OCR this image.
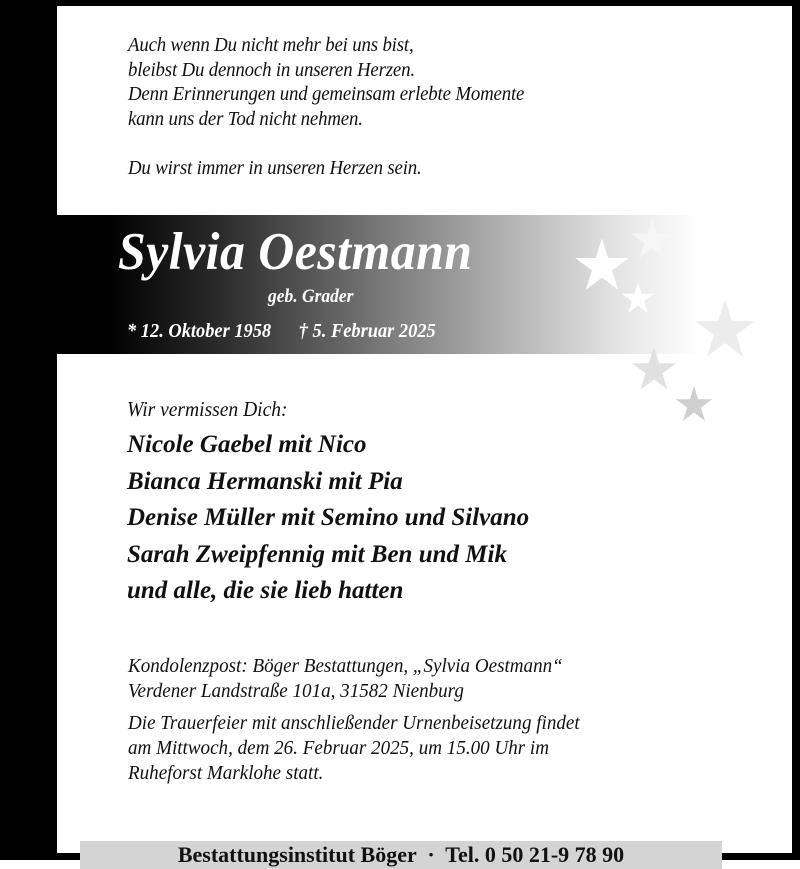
Auch wenn Du nicht mehr bei uns bist,
bleibst Du dennoch in unseren Herzen.
Denn Erinnerungen und gemeinsam erlebte Momente
kann uns der Tod nicht nehmen.
Du wirst immer in unseren Herzen sein.
Sylvia Oestmann
geb. Grader
* 12. Oktober 1958 † 5. Februar 2025
Wir vermissen Dich:
Nicole Gaebel mit Nico
Bianca Hermanski mit Pia
Denise Müller mit Semino und Silvano
Sarah Zweipfennig mit Ben und Mik
und alle, die sie lieb hatten
Kondolenzpost: Böger Bestattungen, „Sylvia Oestmann“
Verdener Landstraße 101a, 31582 Nienburg
Die Trauerfeier mit anschließender Urnenbeisetzung findet
am Mittwoch, dem 26. Februar 2025, um 15.00 Uhr im
Ruheforst Marklohe statt.
Bestattungsinstitut Böger  ·  Tel. 0 50 21-9 78 90
